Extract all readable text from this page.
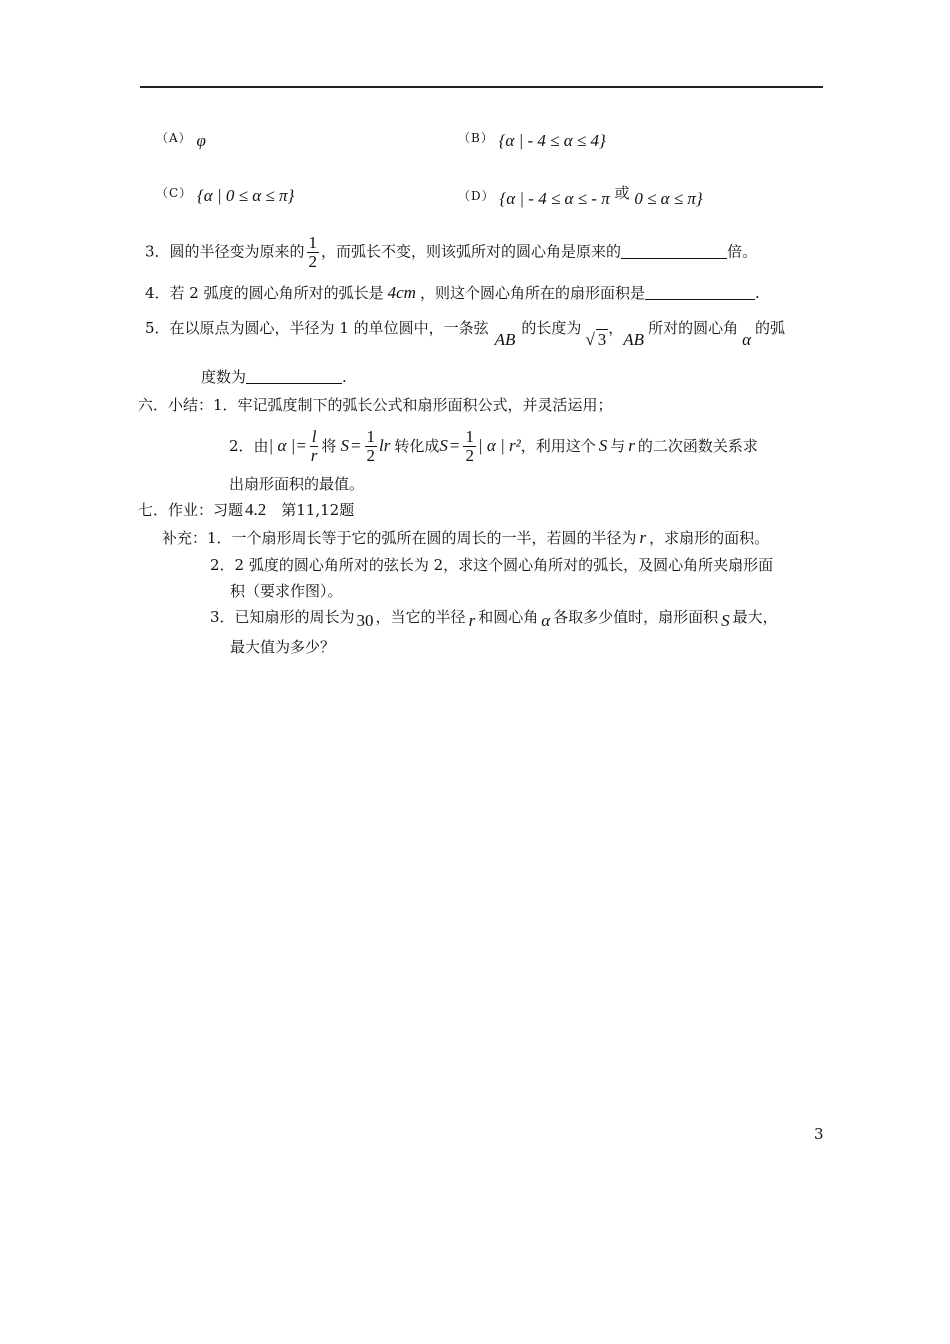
$^{(A)}$ φ	$^{(B)}$ {α | - 4 ≤ α ≤ 4}
$^{(C)}$ {α | 0 ≤ α ≤ π}	$^{(D)}$ {α | - 4 ≤ α ≤ - π 或 0 ≤ α ≤ π}
3．圆的半径变为原来的 $\frac{1}{2}$ ，而弧长不变，则该弧所对的圆心角是原来的	倍。
4．若 2 弧度的圆心角所对的弧长是 4cm ，则这个圆心角所在的扇形面积是	.
5．在以原点为圆心，半径为 1 的单位圆中，一条弦AB的长度为√ 3，AB所对的圆心角α的弧
度数为	.
六．小结：1．牢记弧度制下的弧长公式和扇形面积公式，并灵活运用；
2．由 | α |= $\frac{l}{r}$ 将 $S = \frac{1}{2}$ lr 转化成 $S = \frac{1}{2}$ | α | r² ，利用这个 S 与 r 的二次函数关系求
出扇形面积的最值。
七．作业：习题 4.2　第11,12题
补充：1．一个扇形周长等于它的弧所在圆的周长的一半，若圆的半径为 r ，求扇形的面积。
2．2 弧度的圆心角所对的弦长为 2，求这个圆心角所对的弧长，及圆心角所夹扇形面
积（要求作图）。
3．已知扇形的周长为 30 ，当它的半径 r 和圆心角 α 各取多少值时，扇形面积 S 最大，
最大值为多少？
3
